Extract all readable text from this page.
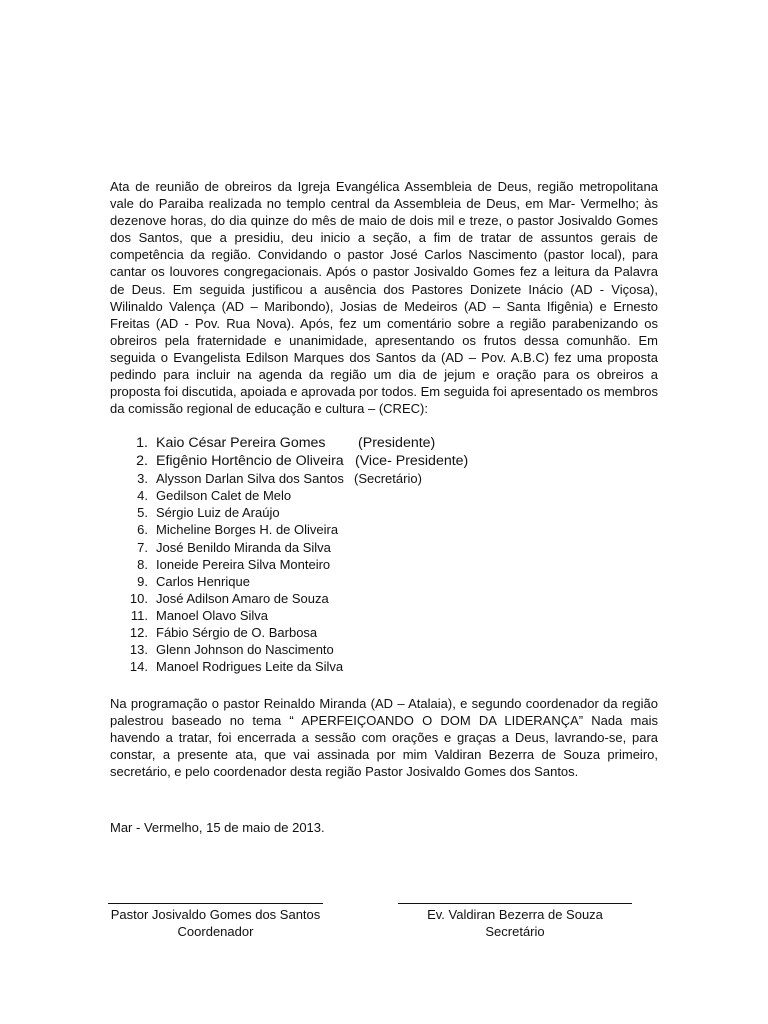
Ata de reunião de obreiros da Igreja Evangélica Assembleia de Deus, região metropolitana vale do Paraiba realizada no templo central da Assembleia de Deus, em Mar- Vermelho; às dezenove horas, do dia quinze do mês de maio de dois mil e treze, o pastor Josivaldo Gomes dos Santos, que a presidiu, deu inicio a seção, a fim de tratar de assuntos gerais de competência da região. Convidando o pastor José Carlos Nascimento (pastor local), para cantar os louvores congregacionais. Após o pastor Josivaldo Gomes fez a leitura da Palavra de Deus. Em seguida justificou a ausência dos Pastores Donizete Inácio (AD - Viçosa), Wilinaldo Valença (AD – Maribondo), Josias de Medeiros (AD – Santa Ifigênia) e Ernesto Freitas (AD - Pov. Rua Nova). Após, fez um comentário sobre a região parabenizando os obreiros pela fraternidade e unanimidade, apresentando os frutos dessa comunhão. Em seguida o Evangelista Edilson Marques dos Santos da (AD – Pov. A.B.C) fez uma proposta pedindo para incluir na agenda da região um dia de jejum e oração para os obreiros a proposta foi discutida, apoiada e aprovada por todos. Em seguida foi apresentado os membros da comissão regional de educação e cultura – (CREC):

1. Kaio César Pereira Gomes (Presidente)
2. Efigênio Hortêncio de Oliveira (Vice- Presidente)
3. Alysson Darlan Silva dos Santos (Secretário)
4. Gedilson Calet de Melo
5. Sérgio Luiz de Araújo
6. Micheline Borges H. de Oliveira
7. José Benildo Miranda da Silva
8. Ioneide Pereira Silva Monteiro
9. Carlos Henrique
10. José Adilson Amaro de Souza
11. Manoel Olavo Silva
12. Fábio Sérgio de O. Barbosa
13. Glenn Johnson do Nascimento
14. Manoel Rodrigues Leite da Silva

Na programação o pastor Reinaldo Miranda (AD – Atalaia), e segundo coordenador da região palestrou baseado no tema “ APERFEIÇOANDO O DOM DA LIDERANÇA” Nada mais havendo a tratar, foi encerrada a sessão com orações e graças a Deus, lavrando-se, para constar, a presente ata, que vai assinada por mim Valdiran Bezerra de Souza primeiro, secretário, e pelo coordenador desta região Pastor Josivaldo Gomes dos Santos.

Mar - Vermelho, 15 de maio de 2013.

Pastor Josivaldo Gomes dos Santos
Coordenador
Ev. Valdiran Bezerra de Souza
Secretário
